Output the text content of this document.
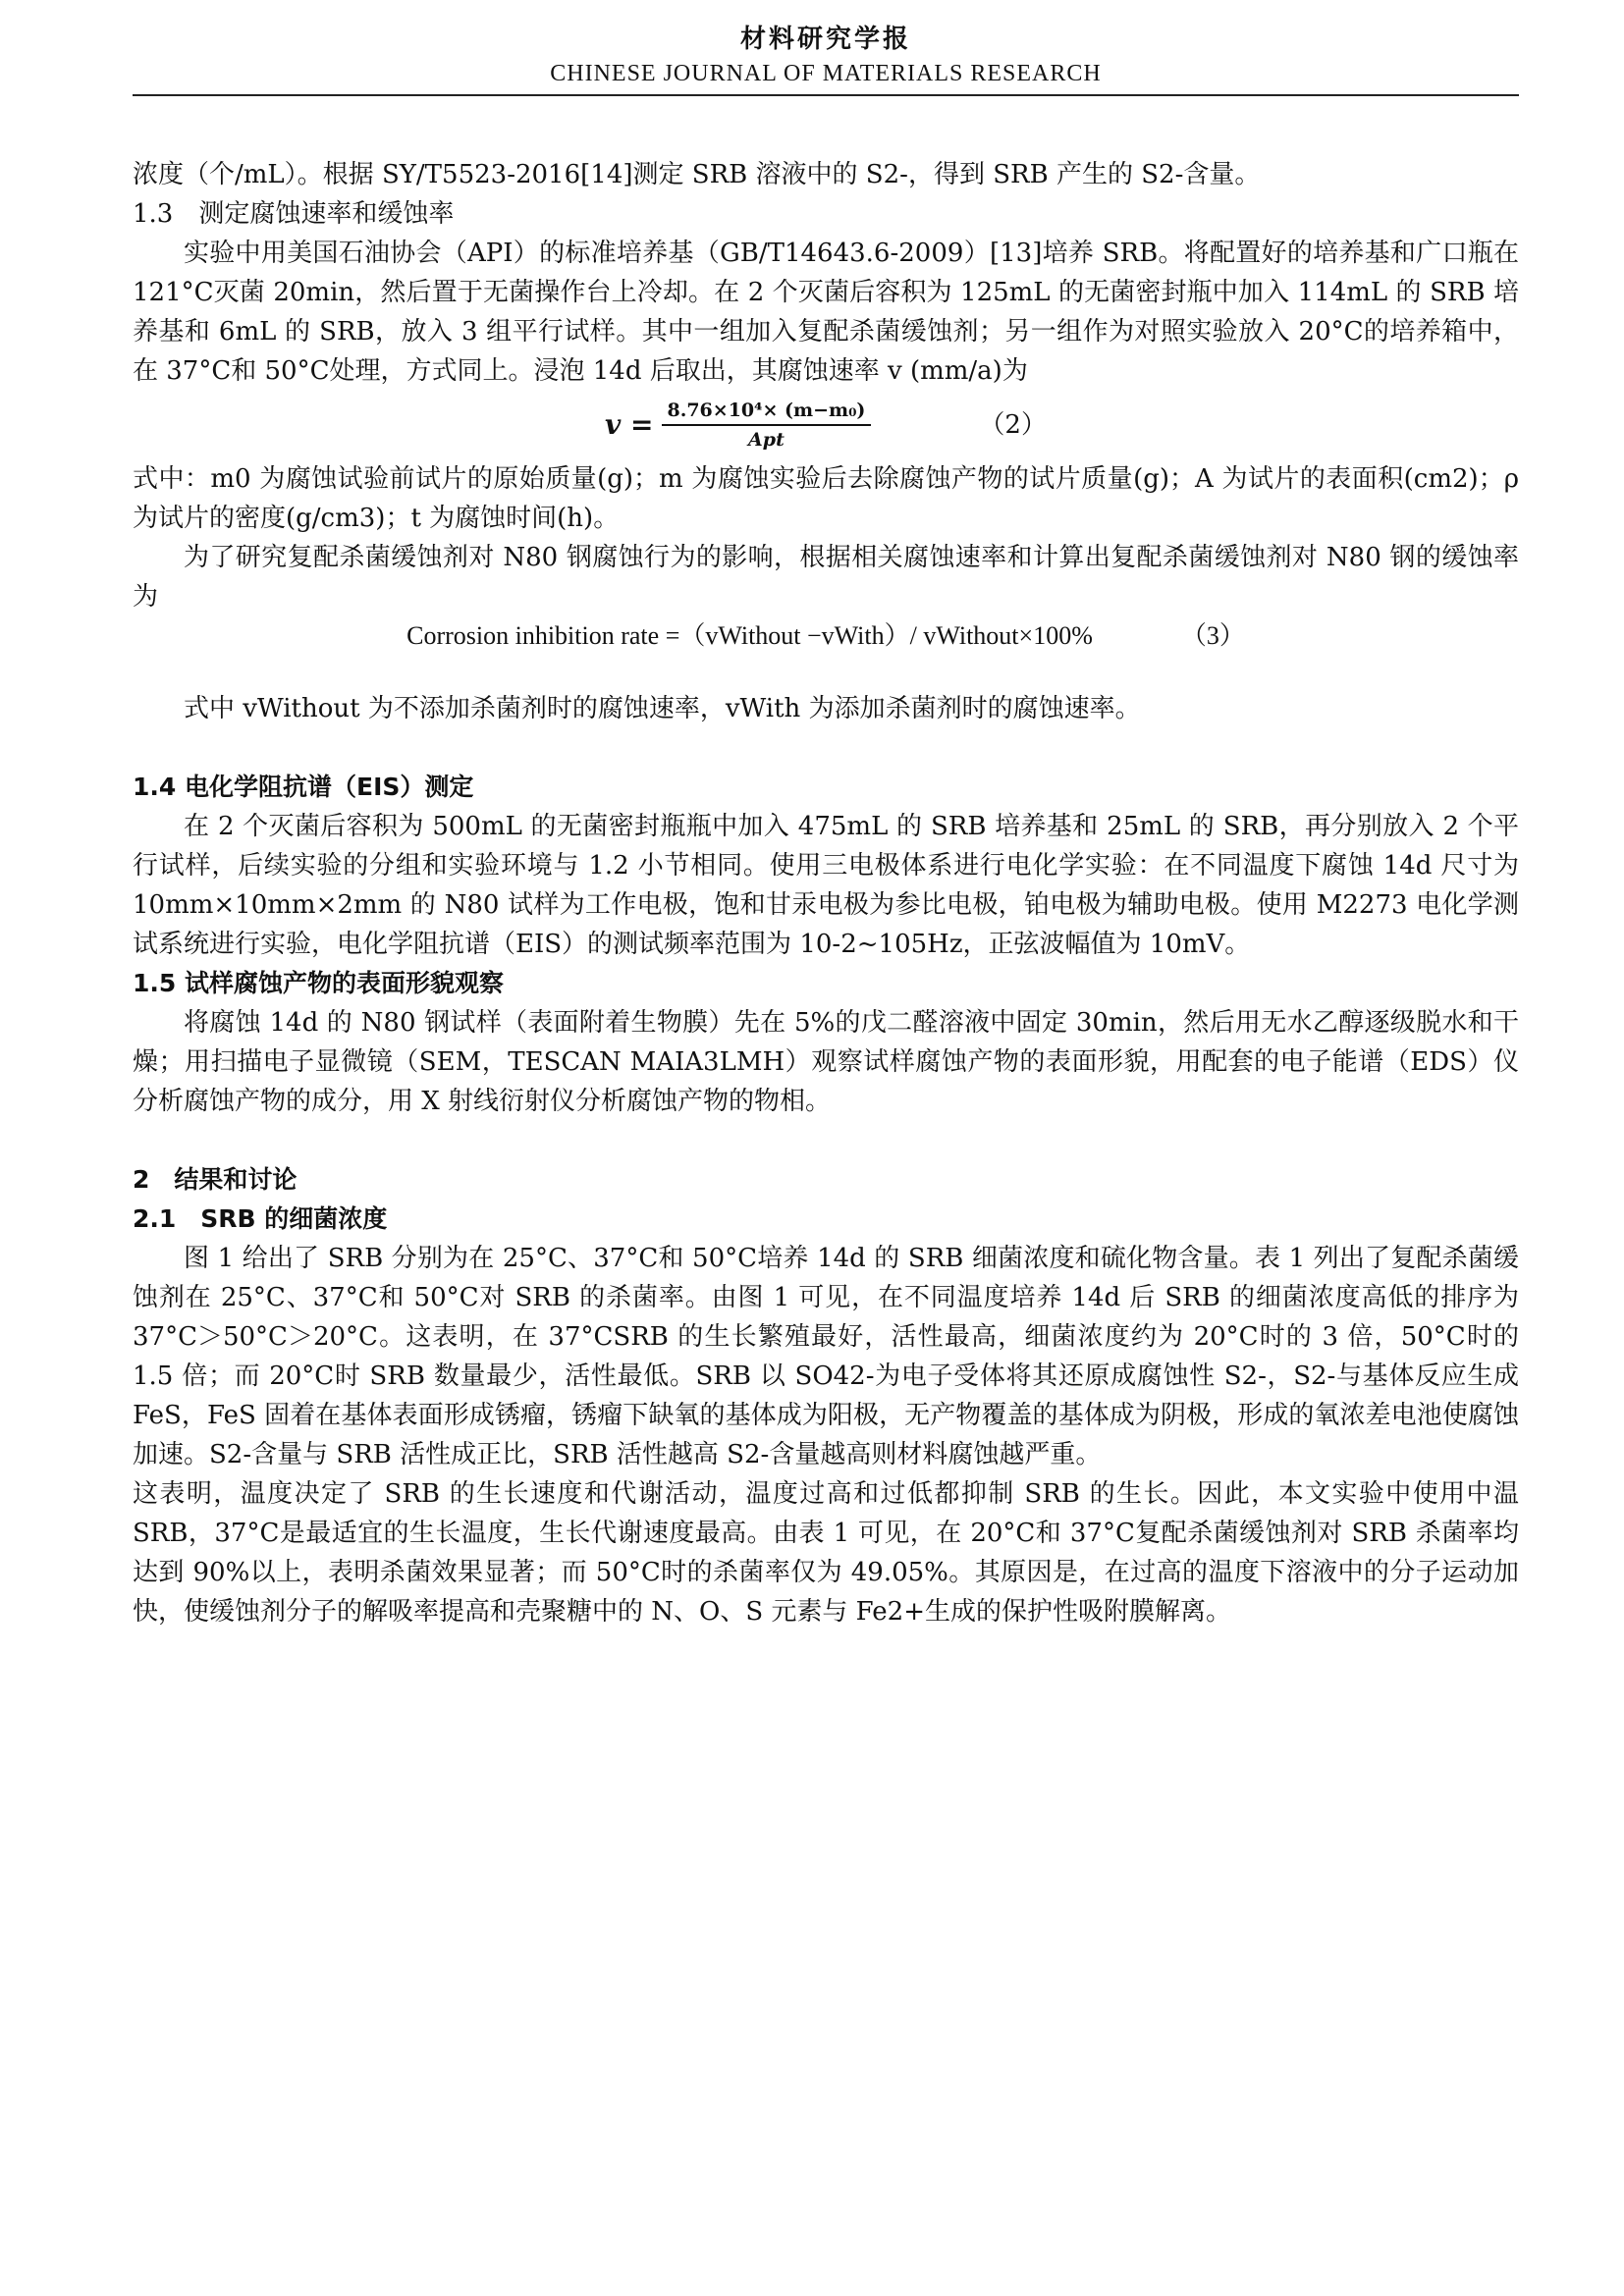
材料研究学报
CHINESE JOURNAL OF MATERIALS RESEARCH

浓度（个/mL）。根据 SY/T5523-2016[14]测定 SRB 溶液中的 S2-，得到 SRB 产生的 S2-含量。

1.3　测定腐蚀速率和缓蚀率

实验中用美国石油协会（API）的标准培养基（GB/T14643.6-2009）[13]培养 SRB。将配置好的培养基和广口瓶在 121°C灭菌 20min，然后置于无菌操作台上冷却。在 2 个灭菌后容积为 125mL 的无菌密封瓶中加入 114mL 的 SRB 培养基和 6mL 的 SRB，放入 3 组平行试样。其中一组加入复配杀菌缓蚀剂；另一组作为对照实验放入 20°C的培养箱中，在 37°C和 50°C处理，方式同上。浸泡 14d 后取出，其腐蚀速率 v (mm/a)为

$v = \frac{\text{8.76×10⁴× (m−m₀)}}{\text{Apt}}$	（2）

式中：m0 为腐蚀试验前试片的原始质量(g)；m 为腐蚀实验后去除腐蚀产物的试片质量(g)；A 为试片的表面积(cm2)；ρ为试片的密度(g/cm3)；t 为腐蚀时间(h)。

为了研究复配杀菌缓蚀剂对 N80 钢腐蚀行为的影响，根据相关腐蚀速率和计算出复配杀菌缓蚀剂对 N80 钢的缓蚀率为

Corrosion inhibition rate =（vWithout −vWith）/ vWithout×100%	（3）

式中 vWithout 为不添加杀菌剂时的腐蚀速率，vWith 为添加杀菌剂时的腐蚀速率。

1.4 电化学阻抗谱（EIS）测定

在 2 个灭菌后容积为 500mL 的无菌密封瓶瓶中加入 475mL 的 SRB 培养基和 25mL 的 SRB，再分别放入 2 个平行试样，后续实验的分组和实验环境与 1.2 小节相同。使用三电极体系进行电化学实验：在不同温度下腐蚀 14d 尺寸为 10mm×10mm×2mm 的 N80 试样为工作电极，饱和甘汞电极为参比电极，铂电极为辅助电极。使用 M2273 电化学测试系统进行实验，电化学阻抗谱（EIS）的测试频率范围为 10-2~105Hz，正弦波幅值为 10mV。

1.5 试样腐蚀产物的表面形貌观察

将腐蚀 14d 的 N80 钢试样（表面附着生物膜）先在 5%的戊二醛溶液中固定 30min，然后用无水乙醇逐级脱水和干燥；用扫描电子显微镜（SEM，TESCAN MAIA3LMH）观察试样腐蚀产物的表面形貌，用配套的电子能谱（EDS）仪分析腐蚀产物的成分，用 X 射线衍射仪分析腐蚀产物的物相。

2　结果和讨论
2.1　SRB 的细菌浓度

图 1 给出了 SRB 分别为在 25°C、37°C和 50°C培养 14d 的 SRB 细菌浓度和硫化物含量。表 1 列出了复配杀菌缓蚀剂在 25°C、37°C和 50°C对 SRB 的杀菌率。由图 1 可见，在不同温度培养 14d 后 SRB 的细菌浓度高低的排序为 37°C＞50°C＞20°C。这表明，在 37°CSRB 的生长繁殖最好，活性最高，细菌浓度约为 20°C时的 3 倍，50°C时的 1.5 倍；而 20°C时 SRB 数量最少，活性最低。SRB 以 SO42-为电子受体将其还原成腐蚀性 S2-，S2-与基体反应生成 FeS，FeS 固着在基体表面形成锈瘤，锈瘤下缺氧的基体成为阳极，无产物覆盖的基体成为阴极，形成的氧浓差电池使腐蚀加速。S2-含量与 SRB 活性成正比，SRB 活性越高 S2-含量越高则材料腐蚀越严重。

这表明，温度决定了 SRB 的生长速度和代谢活动，温度过高和过低都抑制 SRB 的生长。因此，本文实验中使用中温 SRB，37°C是最适宜的生长温度，生长代谢速度最高。由表 1 可见，在 20°C和 37°C复配杀菌缓蚀剂对 SRB 杀菌率均达到 90%以上，表明杀菌效果显著；而 50°C时的杀菌率仅为 49.05%。其原因是，在过高的温度下溶液中的分子运动加快，使缓蚀剂分子的解吸率提高和壳聚糖中的 N、O、S 元素与 Fe2+生成的保护性吸附膜解离。
